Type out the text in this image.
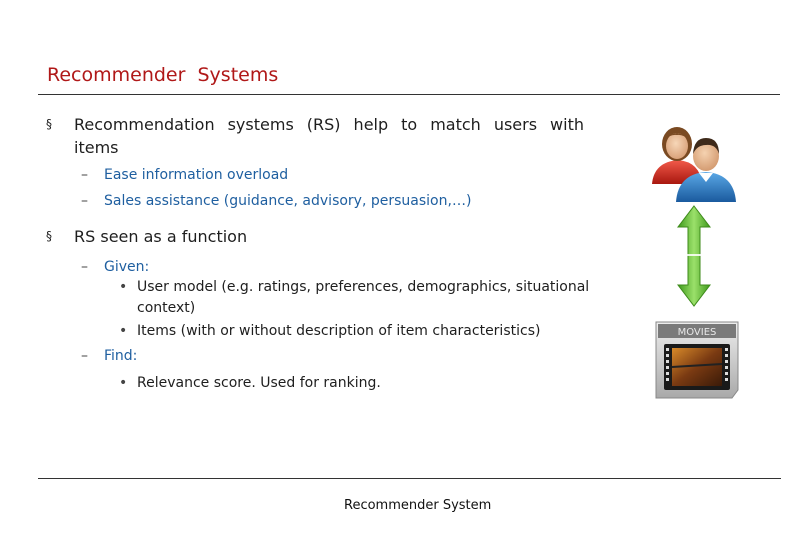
Recommender  Systems
§ Recommendation systems (RS) help to match users with items
– Ease information overload
– Sales assistance (guidance, advisory, persuasion,…)
§ RS seen as a function
– Given:
• User model (e.g. ratings, preferences, demographics, situational context)
• Items (with or without description of item characteristics)
– Find:
• Relevance score. Used for ranking.
MOVIES
Recommender System
